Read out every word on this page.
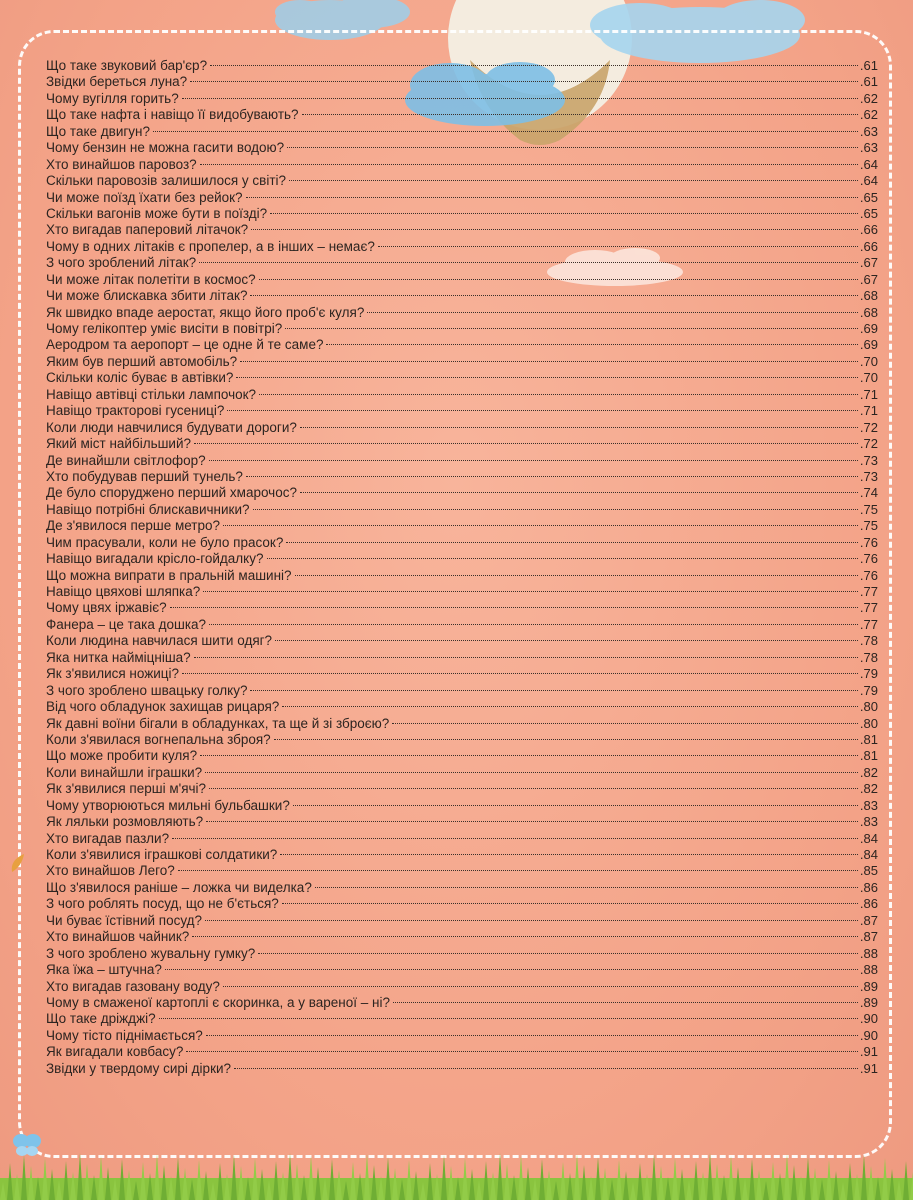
Що таке звуковий бар'єр?	.61
Звідки береться луна?	.61
Чому вугілля горить?	.62
Що таке нафта і навіщо її видобувають?	.62
Що таке двигун?	.63
Чому бензин не можна гасити водою?	.63
Хто винайшов паровоз?	.64
Скільки паровозів залишилося у світі?	.64
Чи може поїзд їхати без рейок?	.65
Скільки вагонів може бути в поїзді?	.65
Хто вигадав паперовий літачок?	.66
Чому в одних літаків є пропелер, а в інших – немає?	.66
З чого зроблений літак?	.67
Чи може літак полетіти в космос?	.67
Чи може блискавка збити літак?	.68
Як швидко впаде аеростат, якщо його проб'є куля?	.68
Чому гелікоптер уміє висіти в повітрі?	.69
Аеродром та аеропорт – це одне й те саме?	.69
Яким був перший автомобіль?	.70
Скільки коліс буває в автівки?	.70
Навіщо автівці стільки лампочок?	.71
Навіщо тракторові гусениці?	.71
Коли люди навчилися будувати дороги?	.72
Який міст найбільший?	.72
Де винайшли світлофор?	.73
Хто побудував перший тунель?	.73
Де було споруджено перший хмарочос?	.74
Навіщо потрібні блискавичники?	.75
Де з'явилося перше метро?	.75
Чим прасували, коли не було прасок?	.76
Навіщо вигадали крісло-гойдалку?	.76
Що можна випрати в пральній машині?	.76
Навіщо цвяхові шляпка?	.77
Чому цвях іржавіє?	.77
Фанера – це така дошка?	.77
Коли людина навчилася шити одяг?	.78
Яка нитка найміцніша?	.78
Як з'явилися ножиці?	.79
З чого зроблено швацьку голку?	.79
Від чого обладунок захищав рицаря?	.80
Як давні воїни бігали в обладунках, та ще й зі зброєю?	.80
Коли з'явилася вогнепальна зброя?	.81
Що може пробити куля?	.81
Коли винайшли іграшки?	.82
Як з'явилися перші м'ячі?	.82
Чому утворюються мильні бульбашки?	.83
Як ляльки розмовляють?	.83
Хто вигадав пазли?	.84
Коли з'явилися іграшкові солдатики?	.84
Хто винайшов Лего?	.85
Що з'явилося раніше – ложка чи виделка?	.86
З чого роблять посуд, що не б'ється?	.86
Чи буває їстівний посуд?	.87
Хто винайшов чайник?	.87
З чого зроблено жувальну гумку?	.88
Яка їжа – штучна?	.88
Хто вигадав газовану воду?	.89
Чому в смаженої картоплі є скоринка, а у вареної – ні?	.89
Що таке дріжджі?	.90
Чому тісто піднімається?	.90
Як вигадали ковбасу?	.91
Звідки у твердому сирі дірки?	.91
